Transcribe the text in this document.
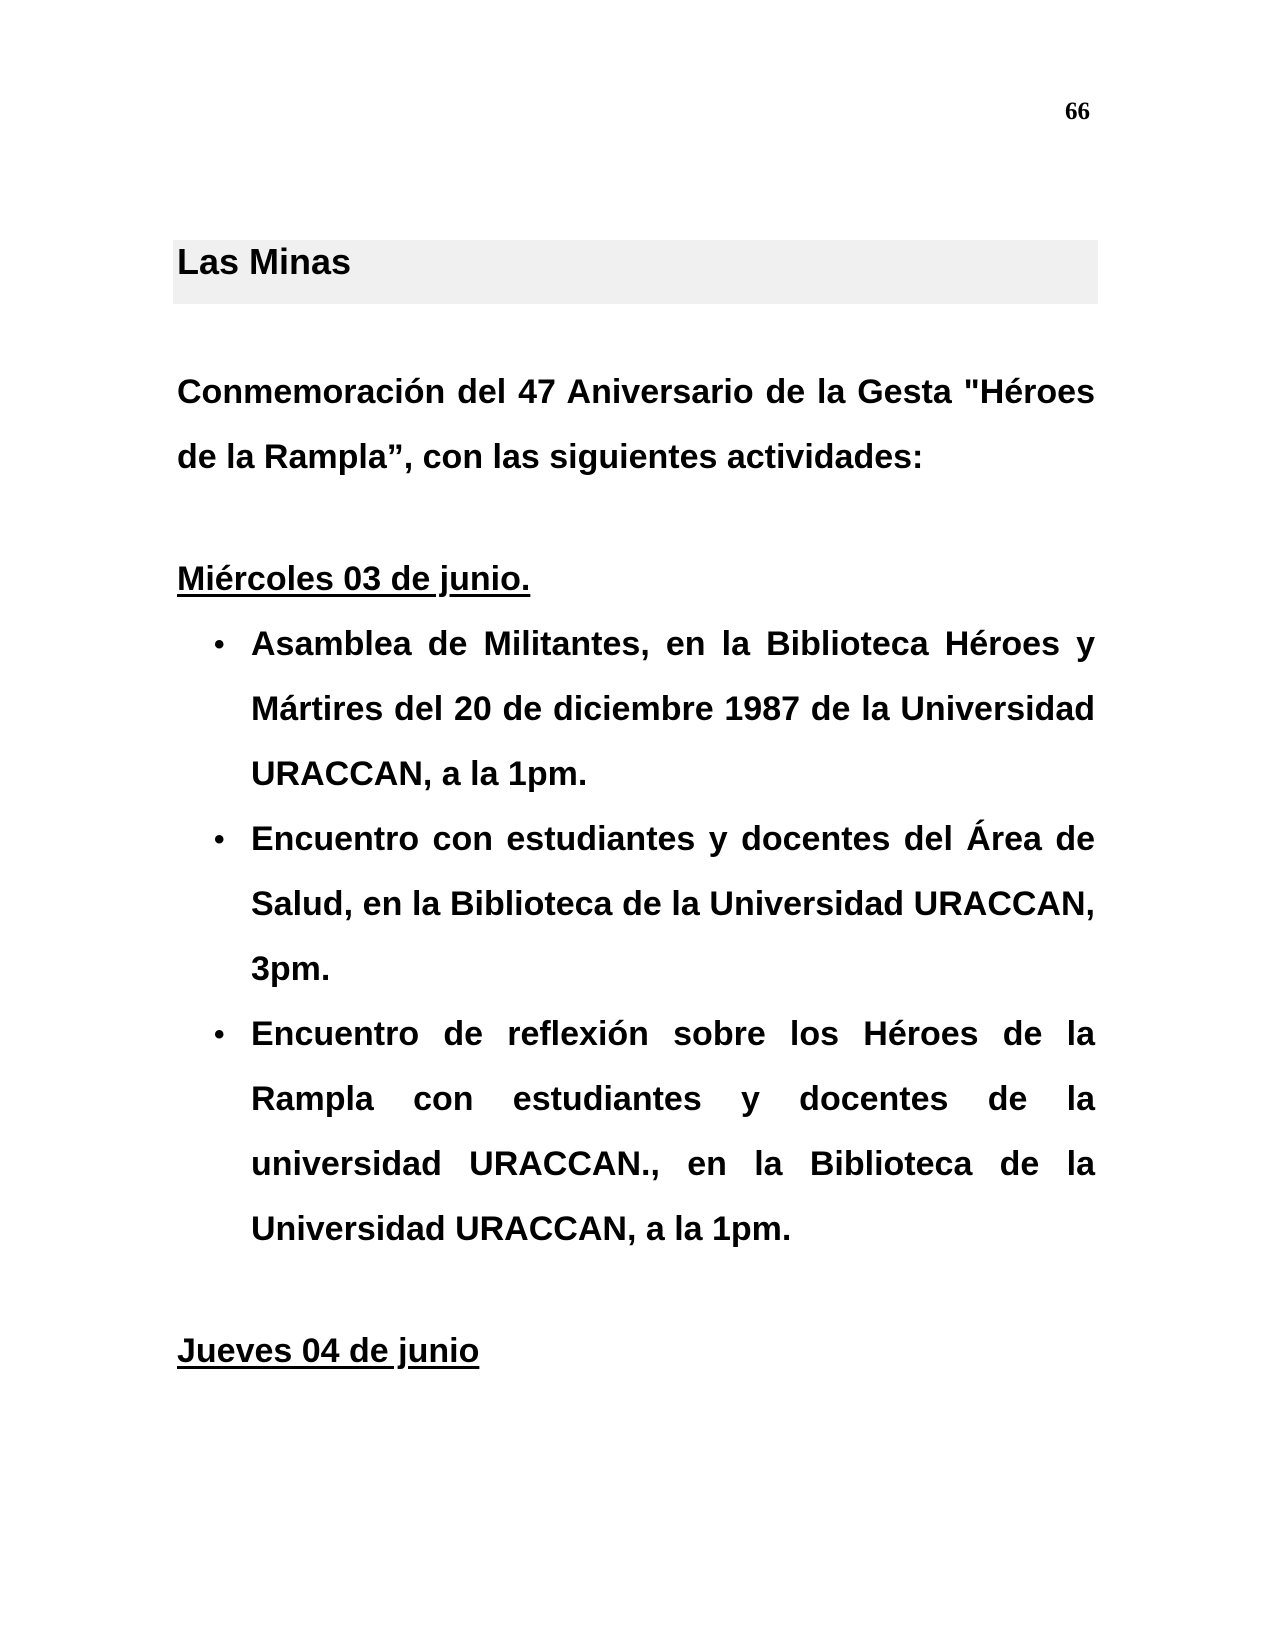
66
Las Minas

Conmemoración del 47 Aniversario de la Gesta "Héroes de la Rampla”, con las siguientes actividades:

Miércoles 03 de junio.

• Asamblea de Militantes, en la Biblioteca Héroes y Mártires del 20 de diciembre 1987 de la Universidad URACCAN, a la 1pm.
• Encuentro con estudiantes y docentes del Área de Salud, en la Biblioteca de la Universidad URACCAN, 3pm.
• Encuentro de reflexión sobre los Héroes de la Rampla con estudiantes y docentes de la universidad URACCAN., en la Biblioteca de la Universidad URACCAN, a la 1pm.

Jueves 04 de junio
